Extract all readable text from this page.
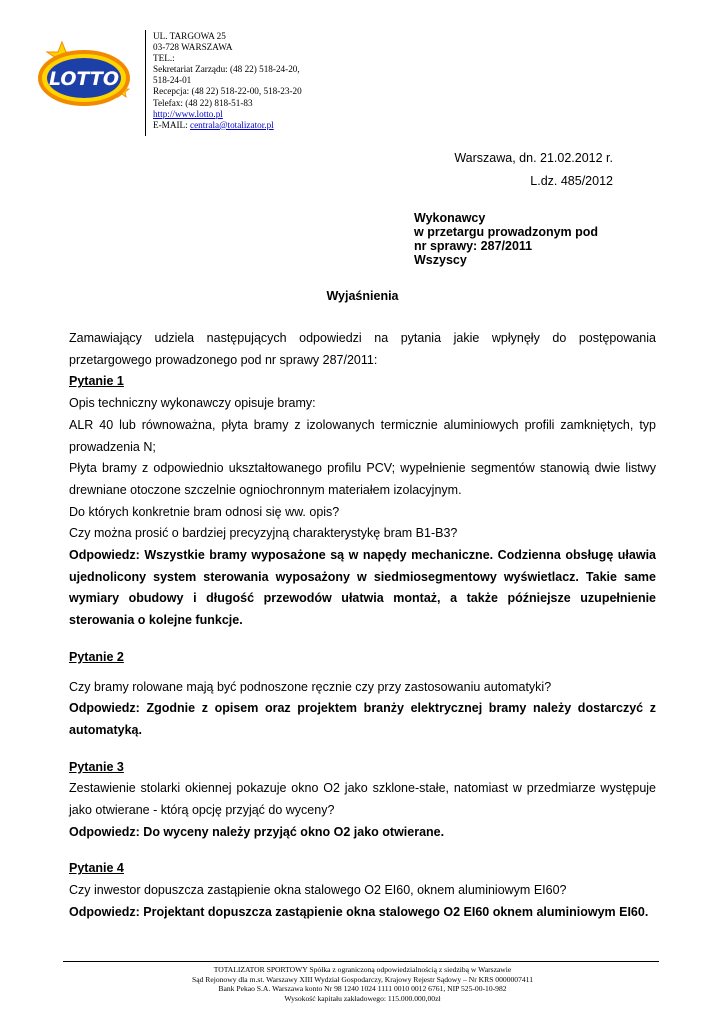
LOTTO
UL. TARGOWA 25
03-728 WARSZAWA
TEL.:
Sekretariat Zarządu: (48 22) 518-24-20,
518-24-01
Recepcja: (48 22) 518-22-00, 518-23-20
Telefax: (48 22) 818-51-83
http://www.lotto.pl
E-MAIL: centrala@totalizator.pl
Warszawa, dn. 21.02.2012 r.
L.dz. 485/2012
Wykonawcy
w przetargu prowadzonym pod
nr sprawy: 287/2011
Wszyscy
Wyjaśnienia

Zamawiający udziela następujących odpowiedzi na pytania jakie wpłynęły do postępowania przetargowego prowadzonego pod nr sprawy 287/2011:

Pytanie 1

Opis techniczny wykonawczy opisuje bramy:

ALR 40 lub równoważna, płyta bramy z izolowanych termicznie aluminiowych profili zamkniętych, typ prowadzenia N;

Płyta bramy z odpowiednio ukształtowanego profilu PCV; wypełnienie segmentów stanowią dwie listwy drewniane otoczone szczelnie ogniochronnym materiałem izolacyjnym.

Do których konkretnie bram odnosi się ww. opis?

Czy można prosić o bardziej precyzyjną charakterystykę bram B1-B3?

Odpowiedz: Wszystkie bramy wyposażone są w napędy mechaniczne. Codzienna obsługę uławia ujednolicony system sterowania wyposażony w siedmiosegmentowy wyświetlacz. Takie same wymiary obudowy i długość przewodów ułatwia montaż, a także późniejsze uzupełnienie sterowania o kolejne funkcje.

Pytanie 2

Czy bramy rolowane mają być podnoszone ręcznie czy przy zastosowaniu automatyki?

Odpowiedz: Zgodnie z opisem oraz projektem branży elektrycznej bramy należy dostarczyć z automatyką.

Pytanie 3

Zestawienie stolarki okiennej pokazuje okno O2 jako szklone-stałe, natomiast w przedmiarze występuje jako otwierane - którą opcję przyjąć do wyceny?

Odpowiedz: Do wyceny należy przyjąć okno O2 jako otwierane.

Pytanie 4

Czy inwestor dopuszcza zastąpienie okna stalowego O2 EI60, oknem aluminiowym EI60?

Odpowiedz: Projektant dopuszcza zastąpienie okna stalowego O2 EI60 oknem aluminiowym EI60.

TOTALIZATOR SPORTOWY Spółka z ograniczoną odpowiedzialnością z siedzibą w Warszawie
Sąd Rejonowy dla m.st. Warszawy XIII Wydział Gospodarczy, Krajowy Rejestr Sądowy – Nr KRS 0000007411
Bank Pekao S.A. Warszawa konto Nr 98 1240 1024 1111 0010 0012 6761, NIP 525-00-10-982
Wysokość kapitału zakładowego: 115.000.000,00zł
